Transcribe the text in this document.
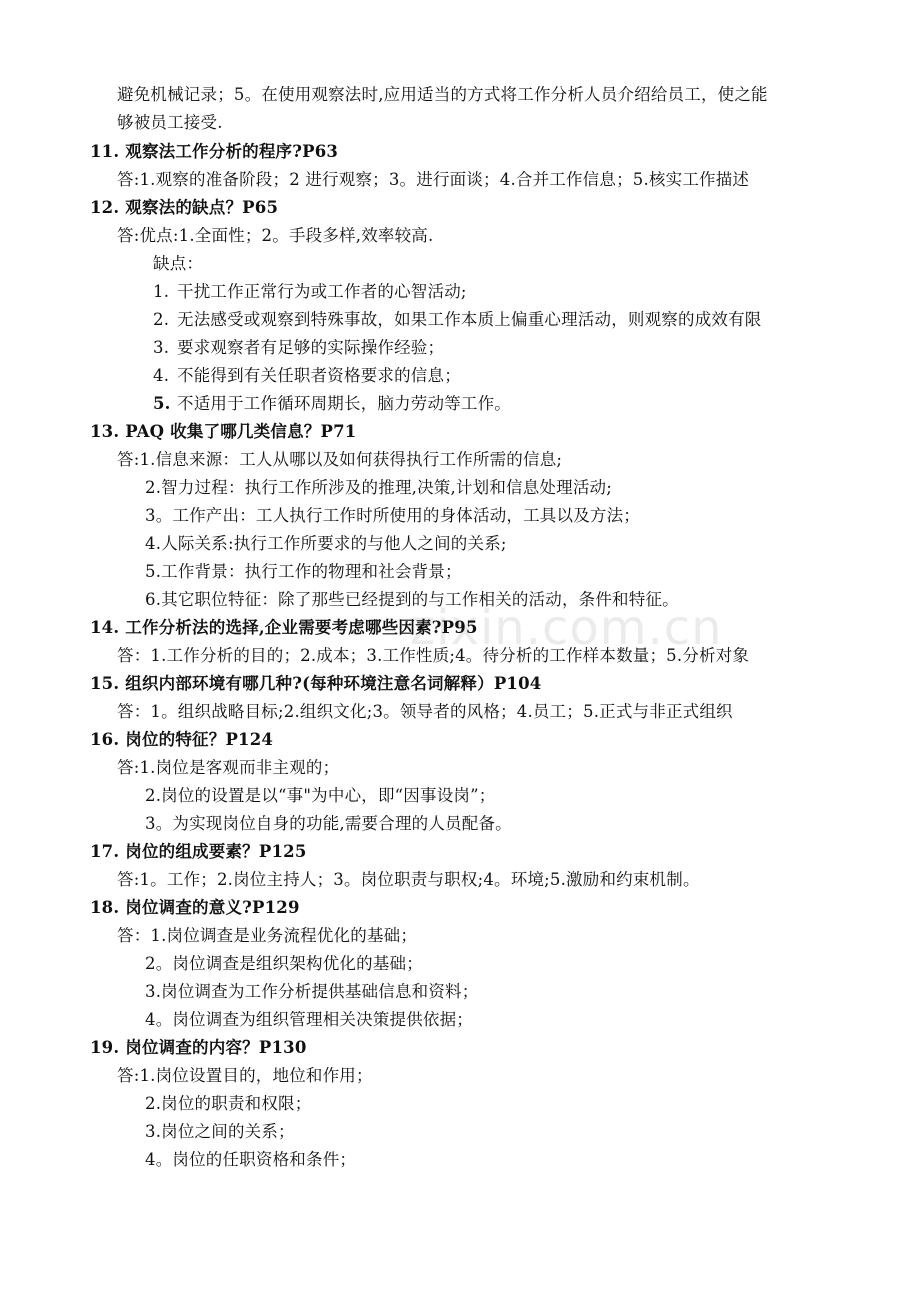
zixin.com.cn
避免机械记录；5。在使用观察法时,应用适当的方式将工作分析人员介绍给员工，使之能
够被员工接受.
11. 观察法工作分析的程序?P63
答:1.观察的准备阶段；2 进行观察；3。进行面谈；4.合并工作信息；5.核实工作描述
12. 观察法的缺点？P65
答:优点:1.全面性；2。手段多样,效率较高.
缺点：
1. 干扰工作正常行为或工作者的心智活动;
2. 无法感受或观察到特殊事故，如果工作本质上偏重心理活动，则观察的成效有限
3. 要求观察者有足够的实际操作经验；
4. 不能得到有关任职者资格要求的信息；
5. 不适用于工作循环周期长，脑力劳动等工作。
13. PAQ 收集了哪几类信息？P71
答:1.信息来源：工人从哪以及如何获得执行工作所需的信息;
2.智力过程：执行工作所涉及的推理,决策,计划和信息处理活动;
3。工作产出：工人执行工作时所使用的身体活动，工具以及方法；
4.人际关系:执行工作所要求的与他人之间的关系;
5.工作背景：执行工作的物理和社会背景；
6.其它职位特征：除了那些已经提到的与工作相关的活动，条件和特征。
14. 工作分析法的选择,企业需要考虑哪些因素?P95
答：1.工作分析的目的；2.成本；3.工作性质;4。待分析的工作样本数量；5.分析对象
15. 组织内部环境有哪几种?(每种环境注意名词解释）P104
答：1。组织战略目标;2.组织文化;3。领导者的风格；4.员工；5.正式与非正式组织
16. 岗位的特征？P124
答:1.岗位是客观而非主观的；
2.岗位的设置是以“事"为中心，即“因事设岗”；
3。为实现岗位自身的功能,需要合理的人员配备。
17. 岗位的组成要素？P125
答:1。工作；2.岗位主持人；3。岗位职责与职权;4。环境;5.激励和约束机制。
18. 岗位调查的意义?P129
答：1.岗位调查是业务流程优化的基础；
2。岗位调查是组织架构优化的基础；
3.岗位调查为工作分析提供基础信息和资料；
4。岗位调查为组织管理相关决策提供依据；
19. 岗位调查的内容？P130
答:1.岗位设置目的，地位和作用；
2.岗位的职责和权限；
3.岗位之间的关系；
4。岗位的任职资格和条件；
